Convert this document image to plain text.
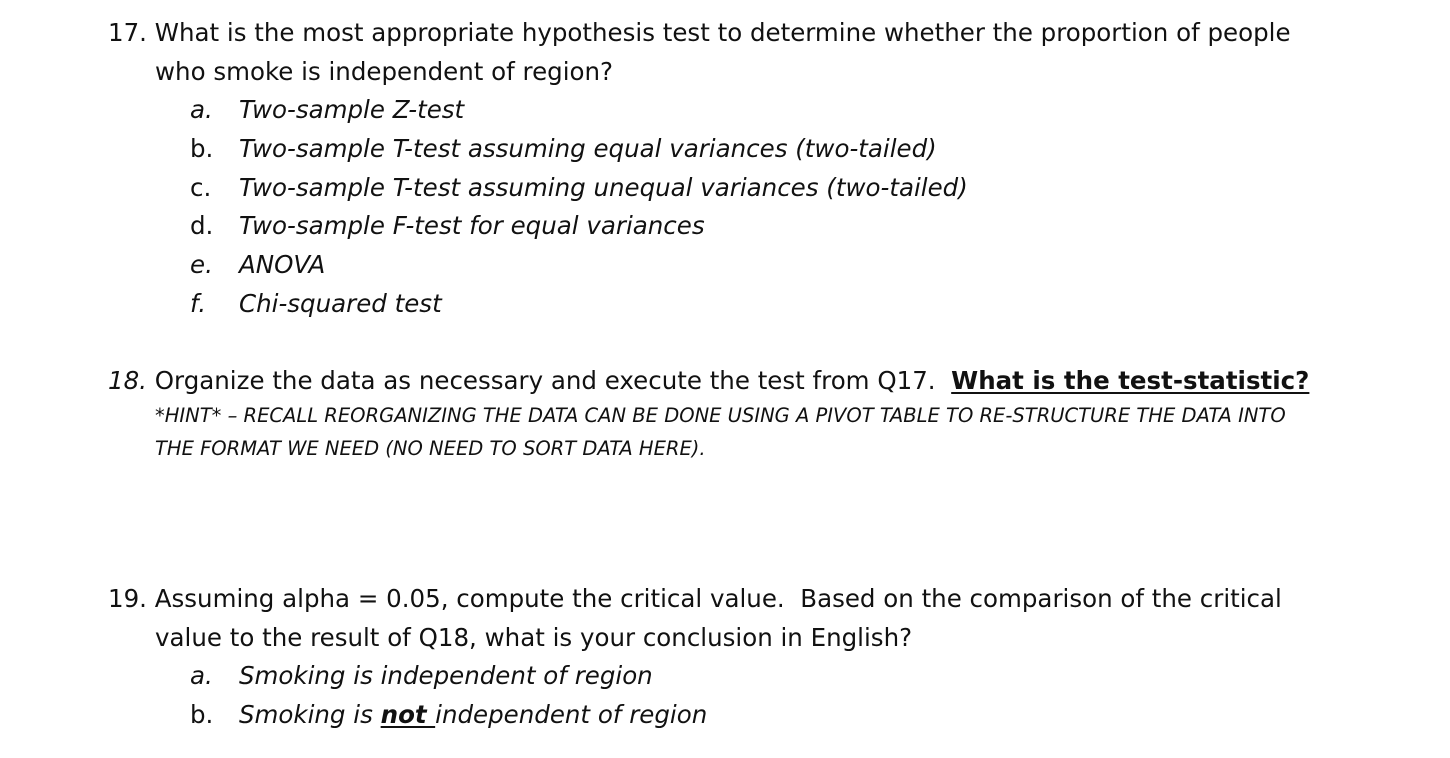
17. What is the most appropriate hypothesis test to determine whether the proportion of people
who smoke is independent of region?
a. Two-sample Z-test
b. Two-sample T-test assuming equal variances (two-tailed)
c. Two-sample T-test assuming unequal variances (two-tailed)
d. Two-sample F-test for equal variances
e. ANOVA
f. Chi-squared test
18. Organize the data as necessary and execute the test from Q17. What is the test-statistic?
*HINT* – RECALL REORGANIZING THE DATA CAN BE DONE USING A PIVOT TABLE TO RE-STRUCTURE THE DATA INTO
THE FORMAT WE NEED (NO NEED TO SORT DATA HERE).
19. Assuming alpha = 0.05, compute the critical value.  Based on the comparison of the critical
value to the result of Q18, what is your conclusion in English?
a. Smoking is independent of region
b. Smoking is not independent of region
